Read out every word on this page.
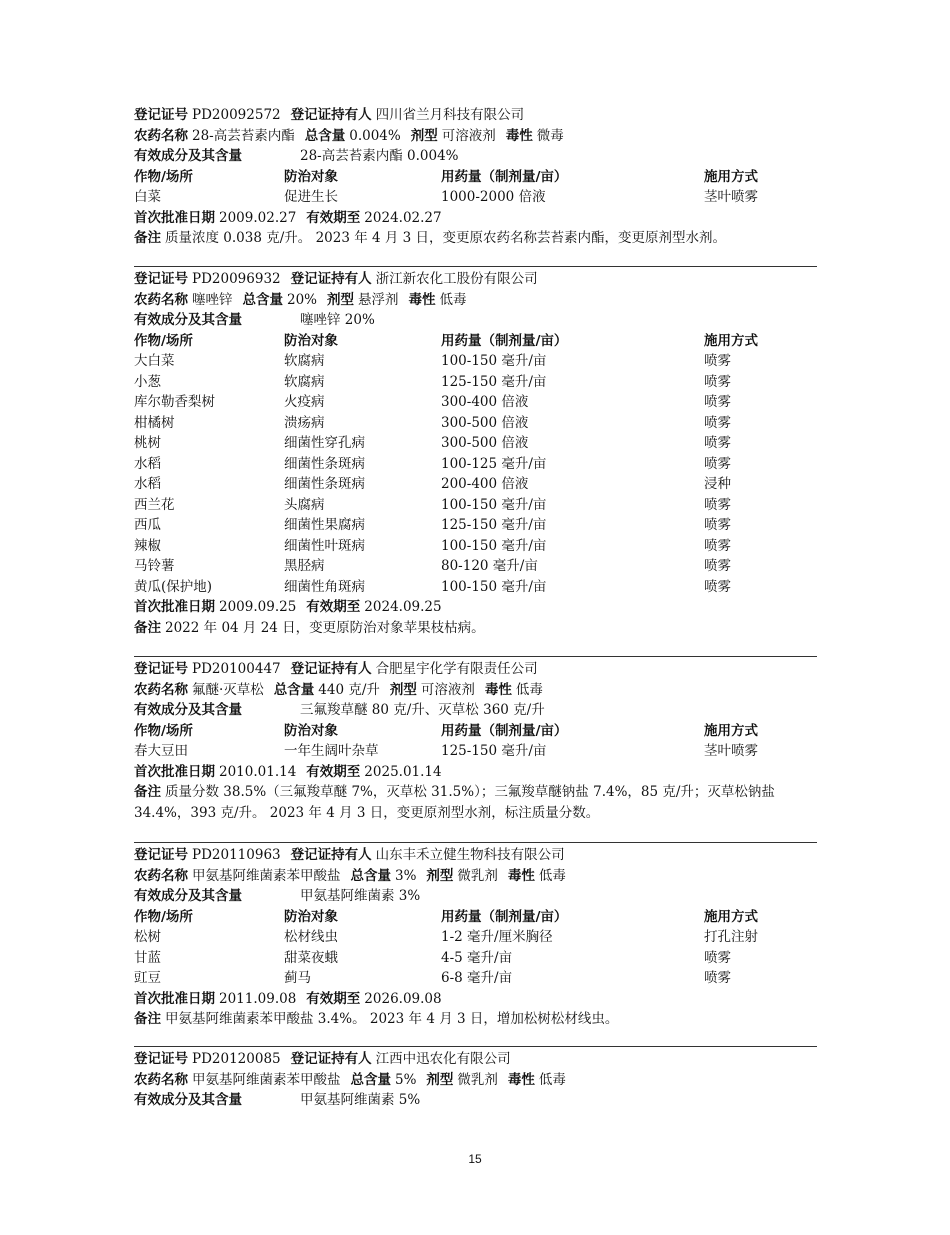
登记证号 PD20092572 登记证持有人 四川省兰月科技有限公司
农药名称 28-高芸苔素内酯 总含量 0.004% 剂型 可溶液剂 毒性 微毒
有效成分及其含量	28-高芸苔素内酯 0.004%
作物/场所	防治对象	用药量（制剂量/亩）	施用方式
白菜	促进生长	1000-2000 倍液	茎叶喷雾
首次批准日期 2009.02.27 有效期至 2024.02.27
备注 质量浓度 0.038 克/升。 2023 年 4 月 3 日，变更原农药名称芸苔素内酯，变更原剂型水剂。
登记证号 PD20096932 登记证持有人 浙江新农化工股份有限公司
农药名称 噻唑锌 总含量 20% 剂型 悬浮剂 毒性 低毒
有效成分及其含量	噻唑锌 20%
作物/场所	防治对象	用药量（制剂量/亩）	施用方式
大白菜	软腐病	100-150 毫升/亩	喷雾
小葱	软腐病	125-150 毫升/亩	喷雾
库尔勒香梨树	火疫病	300-400 倍液	喷雾
柑橘树	溃疡病	300-500 倍液	喷雾
桃树	细菌性穿孔病	300-500 倍液	喷雾
水稻	细菌性条斑病	100-125 毫升/亩	喷雾
水稻	细菌性条斑病	200-400 倍液	浸种
西兰花	头腐病	100-150 毫升/亩	喷雾
西瓜	细菌性果腐病	125-150 毫升/亩	喷雾
辣椒	细菌性叶斑病	100-150 毫升/亩	喷雾
马铃薯	黑胫病	80-120 毫升/亩	喷雾
黄瓜(保护地)	细菌性角斑病	100-150 毫升/亩	喷雾
首次批准日期 2009.09.25 有效期至 2024.09.25
备注 2022 年 04 月 24 日，变更原防治对象苹果枝枯病。
登记证号 PD20100447 登记证持有人 合肥星宇化学有限责任公司
农药名称 氟醚·灭草松 总含量 440 克/升 剂型 可溶液剂 毒性 低毒
有效成分及其含量	三氟羧草醚 80 克/升、灭草松 360 克/升
作物/场所	防治对象	用药量（制剂量/亩）	施用方式
春大豆田	一年生阔叶杂草	125-150 毫升/亩	茎叶喷雾
首次批准日期 2010.01.14 有效期至 2025.01.14
备注 质量分数 38.5%（三氟羧草醚 7%，灭草松 31.5%）；三氟羧草醚钠盐 7.4%，85 克/升；灭草松钠盐 34.4%，393 克/升。 2023 年 4 月 3 日，变更原剂型水剂，标注质量分数。
登记证号 PD20110963 登记证持有人 山东丰禾立健生物科技有限公司
农药名称 甲氨基阿维菌素苯甲酸盐 总含量 3% 剂型 微乳剂 毒性 低毒
有效成分及其含量	甲氨基阿维菌素 3%
作物/场所	防治对象	用药量（制剂量/亩）	施用方式
松树	松材线虫	1-2 毫升/厘米胸径	打孔注射
甘蓝	甜菜夜蛾	4-5 毫升/亩	喷雾
豇豆	蓟马	6-8 毫升/亩	喷雾
首次批准日期 2011.09.08 有效期至 2026.09.08
备注 甲氨基阿维菌素苯甲酸盐 3.4%。 2023 年 4 月 3 日，增加松树松材线虫。
登记证号 PD20120085 登记证持有人 江西中迅农化有限公司
农药名称 甲氨基阿维菌素苯甲酸盐 总含量 5% 剂型 微乳剂 毒性 低毒
有效成分及其含量	甲氨基阿维菌素 5%
15
